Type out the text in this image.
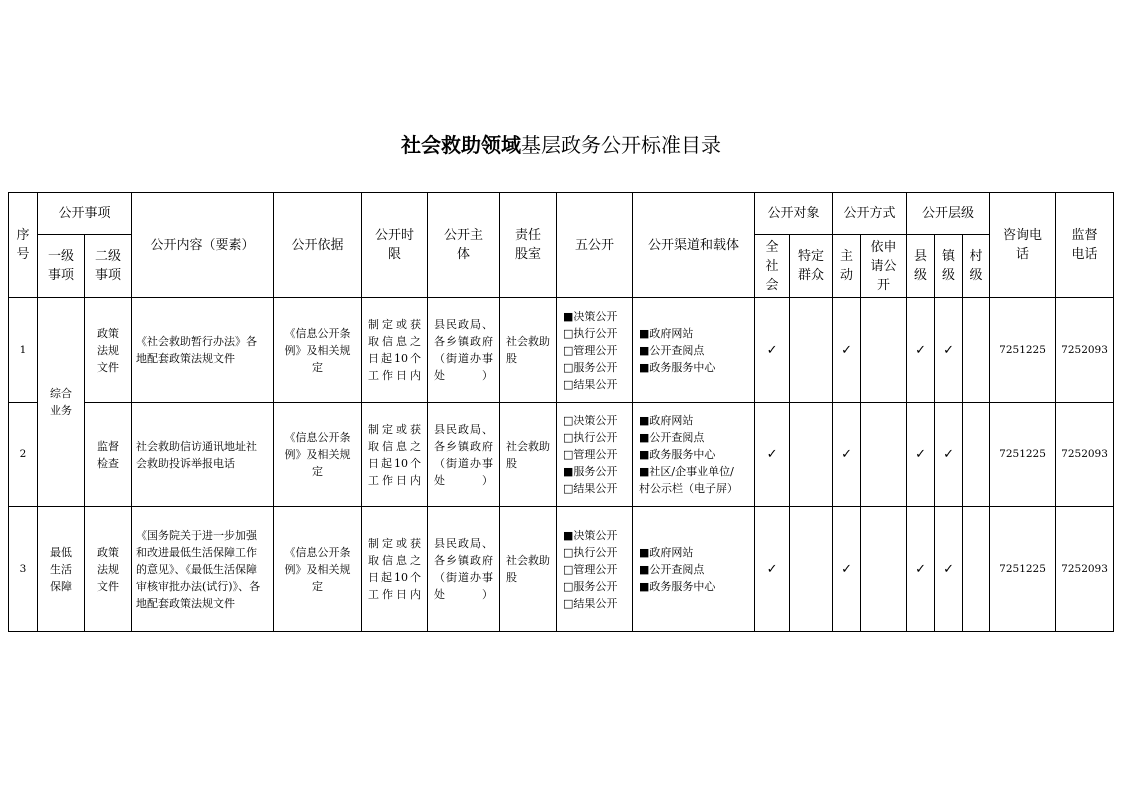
社会救助领域基层政务公开标准目录
序号	公开事项		公开内容（要素）	公开依据	公开时限	公开主体	责任股室	五公开	公开渠道和载体	公开对象		公开方式		公开层级			咨询电话	监督电话
	一级事项	二级事项								全社会	特定群众	主动	依申请公开	县级	镇级	村级		
1	综合业务	政策法规文件	《社会救助暂行办法》各地配套政策法规文件	《信息公开条例》及相关规定	制定或获取信息之日起10个工作日内	县民政局、各乡镇政府（街道办事处）	社会救助股	■决策公开
□执行公开
□管理公开
□服务公开
□结果公开	■政府网站
■公开查阅点
■政务服务中心	✓		✓		✓	✓		7251225	7252093
2		监督检查	社会救助信访通讯地址社会救助投诉举报电话	《信息公开条例》及相关规定	制定或获取信息之日起10个工作日内	县民政局、各乡镇政府（街道办事处）	社会救助股	□决策公开
□执行公开
□管理公开
■服务公开
□结果公开	■政府网站
■公开查阅点
■政务服务中心
■社区/企事业单位/
村公示栏（电子屏）	✓		✓		✓	✓		7251225	7252093
3	最低生活保障	政策法规文件	《国务院关于进一步加强和改进最低生活保障工作的意见》、《最低生活保障审核审批办法(试行)》、各地配套政策法规文件	《信息公开条例》及相关规定	制定或获取信息之日起10个工作日内	县民政局、各乡镇政府（街道办事处）	社会救助股	■决策公开
□执行公开
□管理公开
□服务公开
□结果公开	■政府网站
■公开查阅点
■政务服务中心	✓		✓		✓	✓		7251225	7252093
